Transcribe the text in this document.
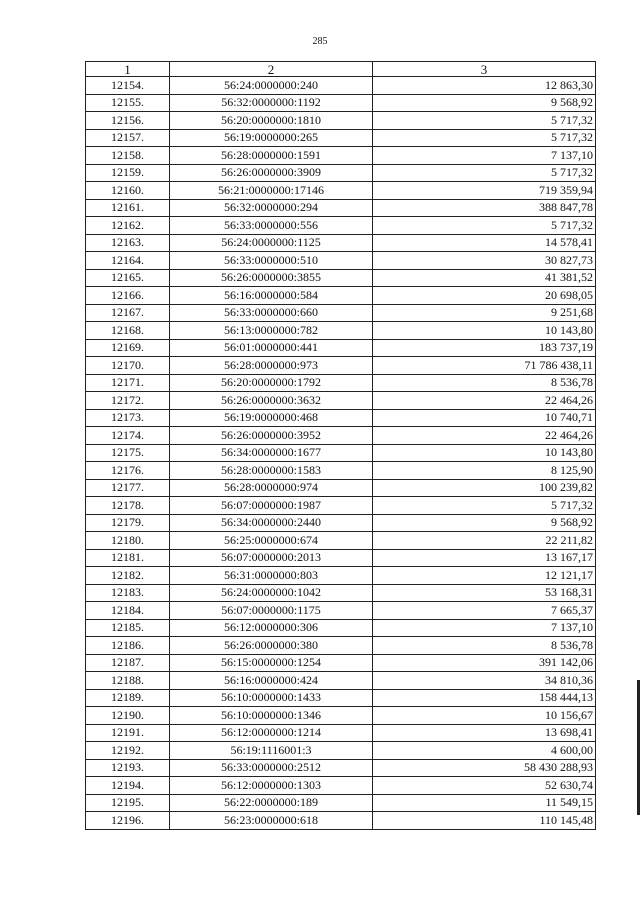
285
1	2	3
12154.	56:24:0000000:240	12 863,30
12155.	56:32:0000000:1192	9 568,92
12156.	56:20:0000000:1810	5 717,32
12157.	56:19:0000000:265	5 717,32
12158.	56:28:0000000:1591	7 137,10
12159.	56:26:0000000:3909	5 717,32
12160.	56:21:0000000:17146	719 359,94
12161.	56:32:0000000:294	388 847,78
12162.	56:33:0000000:556	5 717,32
12163.	56:24:0000000:1125	14 578,41
12164.	56:33:0000000:510	30 827,73
12165.	56:26:0000000:3855	41 381,52
12166.	56:16:0000000:584	20 698,05
12167.	56:33:0000000:660	9 251,68
12168.	56:13:0000000:782	10 143,80
12169.	56:01:0000000:441	183 737,19
12170.	56:28:0000000:973	71 786 438,11
12171.	56:20:0000000:1792	8 536,78
12172.	56:26:0000000:3632	22 464,26
12173.	56:19:0000000:468	10 740,71
12174.	56:26:0000000:3952	22 464,26
12175.	56:34:0000000:1677	10 143,80
12176.	56:28:0000000:1583	8 125,90
12177.	56:28:0000000:974	100 239,82
12178.	56:07:0000000:1987	5 717,32
12179.	56:34:0000000:2440	9 568,92
12180.	56:25:0000000:674	22 211,82
12181.	56:07:0000000:2013	13 167,17
12182.	56:31:0000000:803	12 121,17
12183.	56:24:0000000:1042	53 168,31
12184.	56:07:0000000:1175	7 665,37
12185.	56:12:0000000:306	7 137,10
12186.	56:26:0000000:380	8 536,78
12187.	56:15:0000000:1254	391 142,06
12188.	56:16:0000000:424	34 810,36
12189.	56:10:0000000:1433	158 444,13
12190.	56:10:0000000:1346	10 156,67
12191.	56:12:0000000:1214	13 698,41
12192.	56:19:1116001:3	4 600,00
12193.	56:33:0000000:2512	58 430 288,93
12194.	56:12:0000000:1303	52 630,74
12195.	56:22:0000000:189	11 549,15
12196.	56:23:0000000:618	110 145,48
